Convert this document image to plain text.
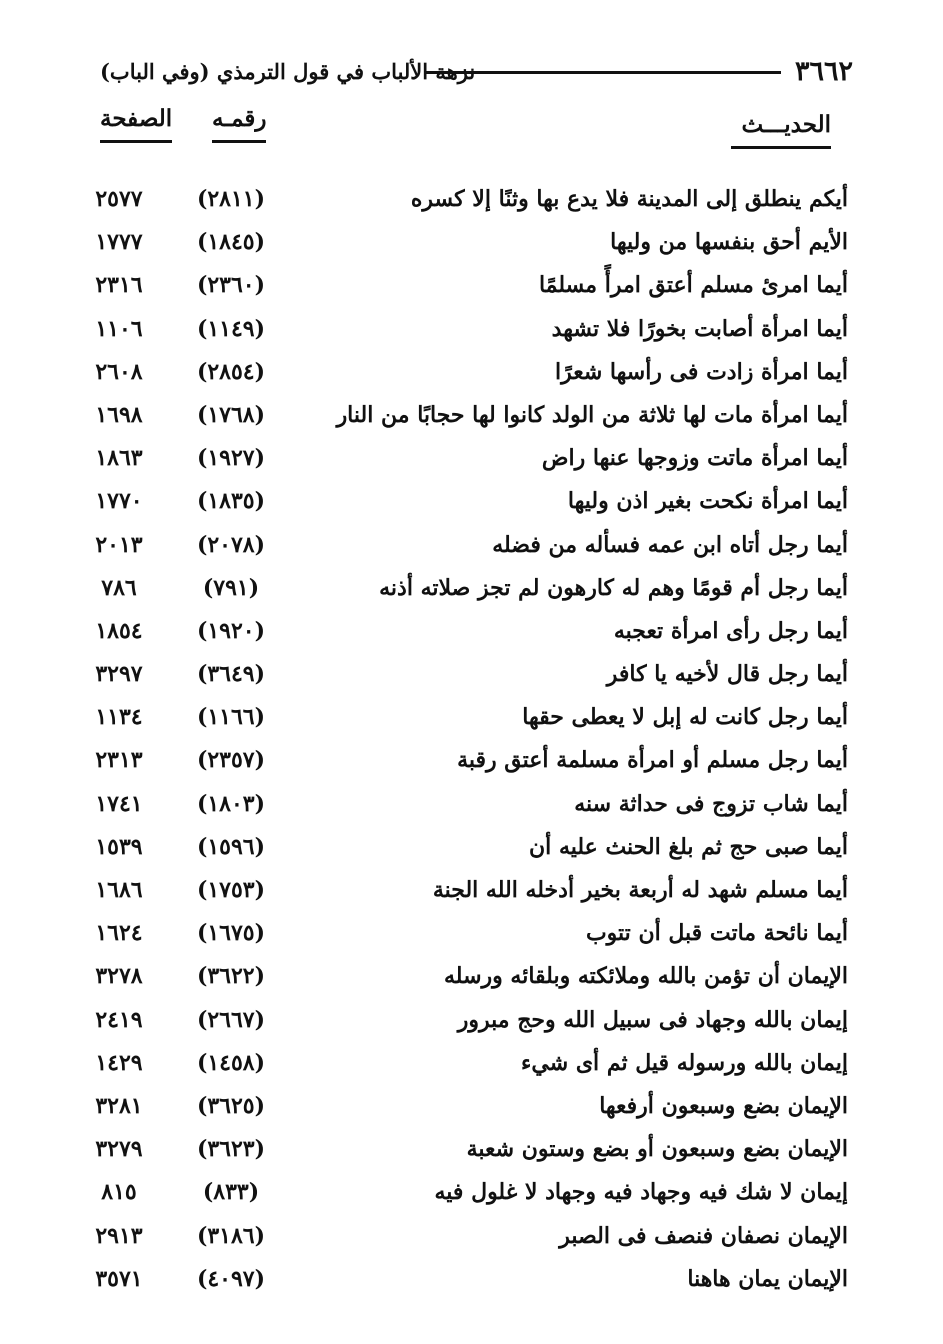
٣٦٦٢
نزهة الألباب في قول الترمذي (وفي الباب)
الحديـــث
رقمـه
الصفحة
أيكم ينطلق إلى المدينة فلا يدع بها وثنًا إلا كسره
(٢٨١١)
٢٥٧٧
الأيم أحق بنفسها من وليها
(١٨٤٥)
١٧٧٧
أيما امرئ مسلم أعتق امرأً مسلمًا
(٢٣٦٠)
٢٣١٦
أيما امرأة أصابت بخورًا فلا تشهد
(١١٤٩)
١١٠٦
أيما امرأة زادت فى رأسها شعرًا
(٢٨٥٤)
٢٦٠٨
أيما امرأة مات لها ثلاثة من الولد كانوا لها حجابًا من النار
(١٧٦٨)
١٦٩٨
أيما امرأة ماتت وزوجها عنها راض
(١٩٢٧)
١٨٦٣
أيما امرأة نكحت بغير اذن وليها
(١٨٣٥)
١٧٧٠
أيما رجل أتاه ابن عمه فسأله من فضله
(٢٠٧٨)
٢٠١٣
أيما رجل أم قومًا وهم له كارهون لم تجز صلاته أذنه
(٧٩١)
٧٨٦
أيما رجل رأى امرأة تعجبه
(١٩٢٠)
١٨٥٤
أيما رجل قال لأخيه يا كافر
(٣٦٤٩)
٣٢٩٧
أيما رجل كانت له إبل لا يعطى حقها
(١١٦٦)
١١٣٤
أيما رجل مسلم أو امرأة مسلمة أعتق رقبة
(٢٣٥٧)
٢٣١٣
أيما شاب تزوج فى حداثة سنه
(١٨٠٣)
١٧٤١
أيما صبى حج ثم بلغ الحنث عليه أن
(١٥٩٦)
١٥٣٩
أيما مسلم شهد له أربعة بخير أدخله الله الجنة
(١٧٥٣)
١٦٨٦
أيما نائحة ماتت قبل أن تتوب
(١٦٧٥)
١٦٢٤
الإيمان أن تؤمن بالله وملائكته وبلقائه ورسله
(٣٦٢٢)
٣٢٧٨
إيمان بالله وجهاد فى سبيل الله وحج مبرور
(٢٦٦٧)
٢٤١٩
إيمان بالله ورسوله قيل ثم أى شيء
(١٤٥٨)
١٤٢٩
الإيمان بضع وسبعون أرفعها
(٣٦٢٥)
٣٢٨١
الإيمان بضع وسبعون أو بضع وستون شعبة
(٣٦٢٣)
٣٢٧٩
إيمان لا شك فيه وجهاد فيه وجهاد لا غلول فيه
(٨٣٣)
٨١٥
الإيمان نصفان فنصف فى الصبر
(٣١٨٦)
٢٩١٣
الإيمان يمان هاهنا
(٤٠٩٧)
٣٥٧١
